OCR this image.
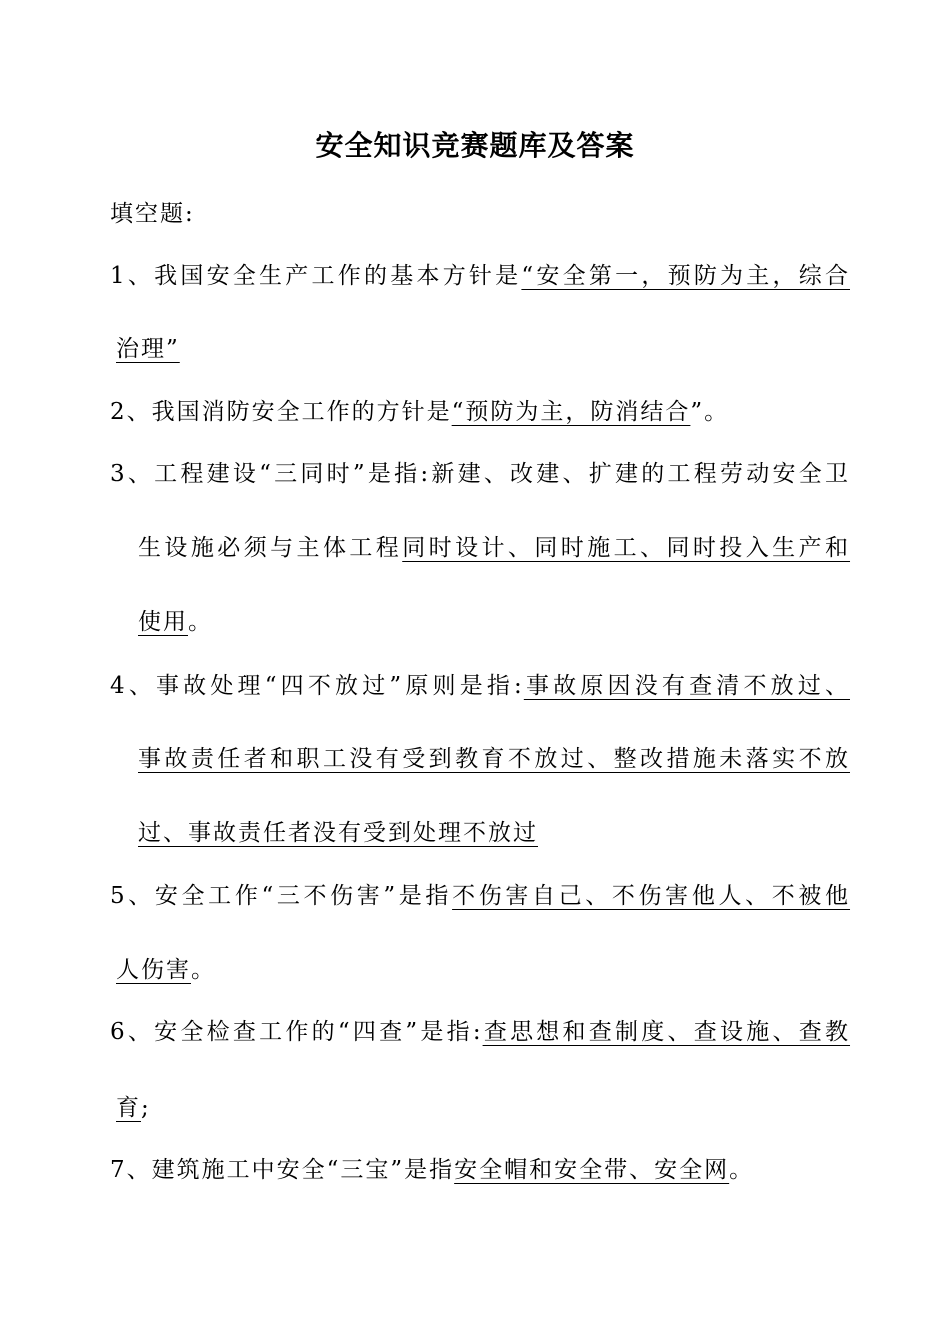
安全知识竞赛题库及答案
填空题:
1、我国安全生产工作的基本方针是“安全第一，预防为主，综合
治理”
2、我国消防安全工作的方针是“预防为主，防消结合”。
3、工程建设“三同时”是指:新建、改建、扩建的工程劳动安全卫
生设施必须与主体工程同时设计、同时施工、同时投入生产和
使用。
4、事故处理“四不放过”原则是指:事故原因没有查清不放过、
事故责任者和职工没有受到教育不放过、整改措施未落实不放
过、事故责任者没有受到处理不放过
5、安全工作“三不伤害”是指不伤害自己、不伤害他人、不被他
人伤害。
6、安全检查工作的“四查”是指:查思想和查制度、查设施、查教
育;
7、建筑施工中安全“三宝”是指安全帽和安全带、安全网。
